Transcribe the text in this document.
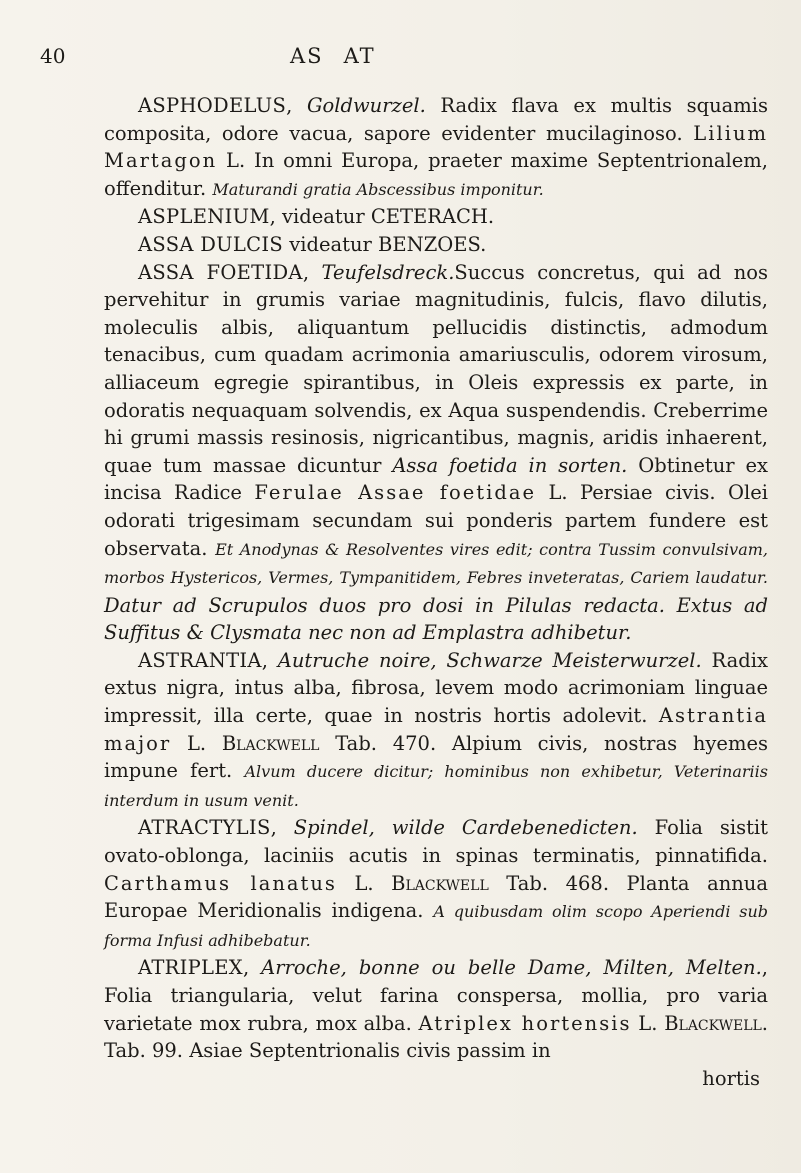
40	AS AT

ASPHODELUS, Goldwurzel. Radix flava ex multis squamis composita, odore vacua, sapore evidenter mucilaginoso. Lilium Martagon L. In omni Europa, praeter maxime Septentrionalem, offenditur. Maturandi gratia Abscessibus imponitur.

ASPLENIUM, videatur CETERACH.

ASSA DULCIS videatur BENZOES.

ASSA FOETIDA, Teufelsdreck.Succus concretus, qui ad nos pervehitur in grumis variae magnitudinis, fulcis, flavo dilutis, moleculis albis, aliquantum pellucidis distinctis, admodum tenacibus, cum quadam acrimonia amariusculis, odorem virosum, alliaceum egregie spirantibus, in Oleis expressis ex parte, in odoratis nequaquam solvendis, ex Aqua suspendendis. Creberrime hi grumi massis resinosis, nigricantibus, magnis, aridis inhaerent, quae tum massae dicuntur Assa foetida in sorten. Obtinetur ex incisa Radice Ferulae Assae foetidae L. Persiae civis. Olei odorati trigesimam secundam sui ponderis partem fundere est observata. Et Anodynas & Resolventes vires edit; contra Tussim convulsivam, morbos Hystericos, Vermes, Tympanitidem, Febres inveteratas, Cariem laudatur. Datur ad Scrupulos duos pro dosi in Pilulas redacta. Extus ad Suffitus & Clysmata nec non ad Emplastra adhibetur.

ASTRANTIA, Autruche noire, Schwarze Meisterwurzel. Radix extus nigra, intus alba, fibrosa, levem modo acrimoniam linguae impressit, illa certe, quae in nostris hortis adolevit. Astrantia major L. Blackwell Tab. 470. Alpium civis, nostras hyemes impune fert. Alvum ducere dicitur; hominibus non exhibetur, Veterinariis interdum in usum venit.

ATRACTYLIS, Spindel, wilde Cardebenedicten. Folia sistit ovato-oblonga, laciniis acutis in spinas terminatis, pinnatifida. Carthamus lanatus L. Blackwell Tab. 468. Planta annua Europae Meridionalis indigena. A quibusdam olim scopo Aperiendi sub forma Infusi adhibebatur.

ATRIPLEX, Arroche, bonne ou belle Dame, Milten, Melten., Folia triangularia, velut farina conspersa, mollia, pro varia varietate mox rubra, mox alba. Atriplex hortensis L. Blackwell. Tab. 99. Asiae Septentrionalis civis passim in
hortis
